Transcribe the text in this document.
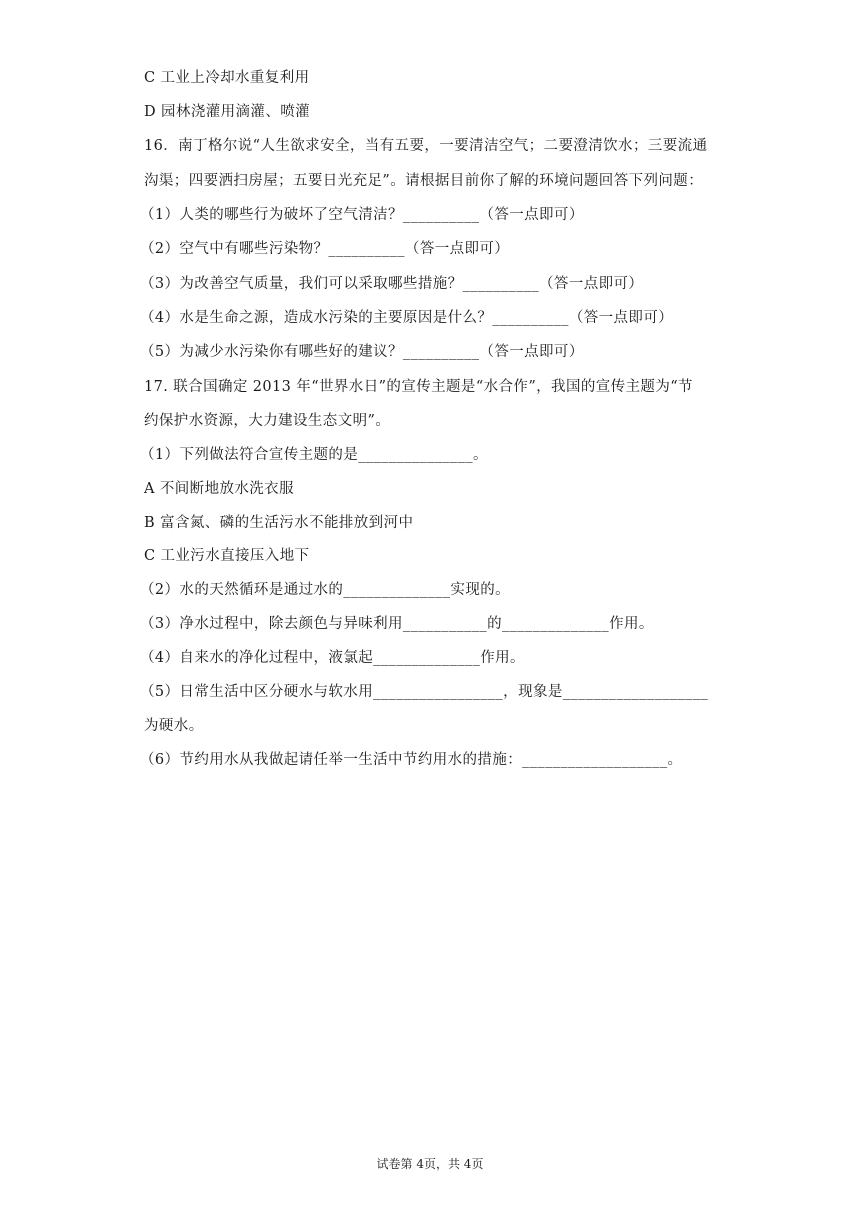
C 工业上冷却水重复利用
D 园林浇灌用滴灌、喷灌
16．南丁格尔说“人生欲求安全，当有五要，一要清洁空气；二要澄清饮水；三要流通
沟渠；四要洒扫房屋；五要日光充足”。请根据目前你了解的环境问题回答下列问题：
（1）人类的哪些行为破坏了空气清洁？__________（答一点即可）
（2）空气中有哪些污染物？__________（答一点即可）
（3）为改善空气质量，我们可以采取哪些措施？__________（答一点即可）
（4）水是生命之源，造成水污染的主要原因是什么？__________（答一点即可）
（5）为减少水污染你有哪些好的建议？__________（答一点即可）
17. 联合国确定 2013 年“世界水日”的宣传主题是“水合作”，我国的宣传主题为“节
约保护水资源，大力建设生态文明”。
（1）下列做法符合宣传主题的是_______________。
A 不间断地放水洗衣服
B 富含氮、磷的生活污水不能排放到河中
C 工业污水直接压入地下
（2）水的天然循环是通过水的______________实现的。
（3）净水过程中，除去颜色与异味利用___________的______________作用。
（4）自来水的净化过程中，液氯起______________作用。
（5）日常生活中区分硬水与软水用_________________，现象是___________________
为硬水。
（6）节约用水从我做起请任举一生活中节约用水的措施：___________________。
试卷第 4页，共 4页
